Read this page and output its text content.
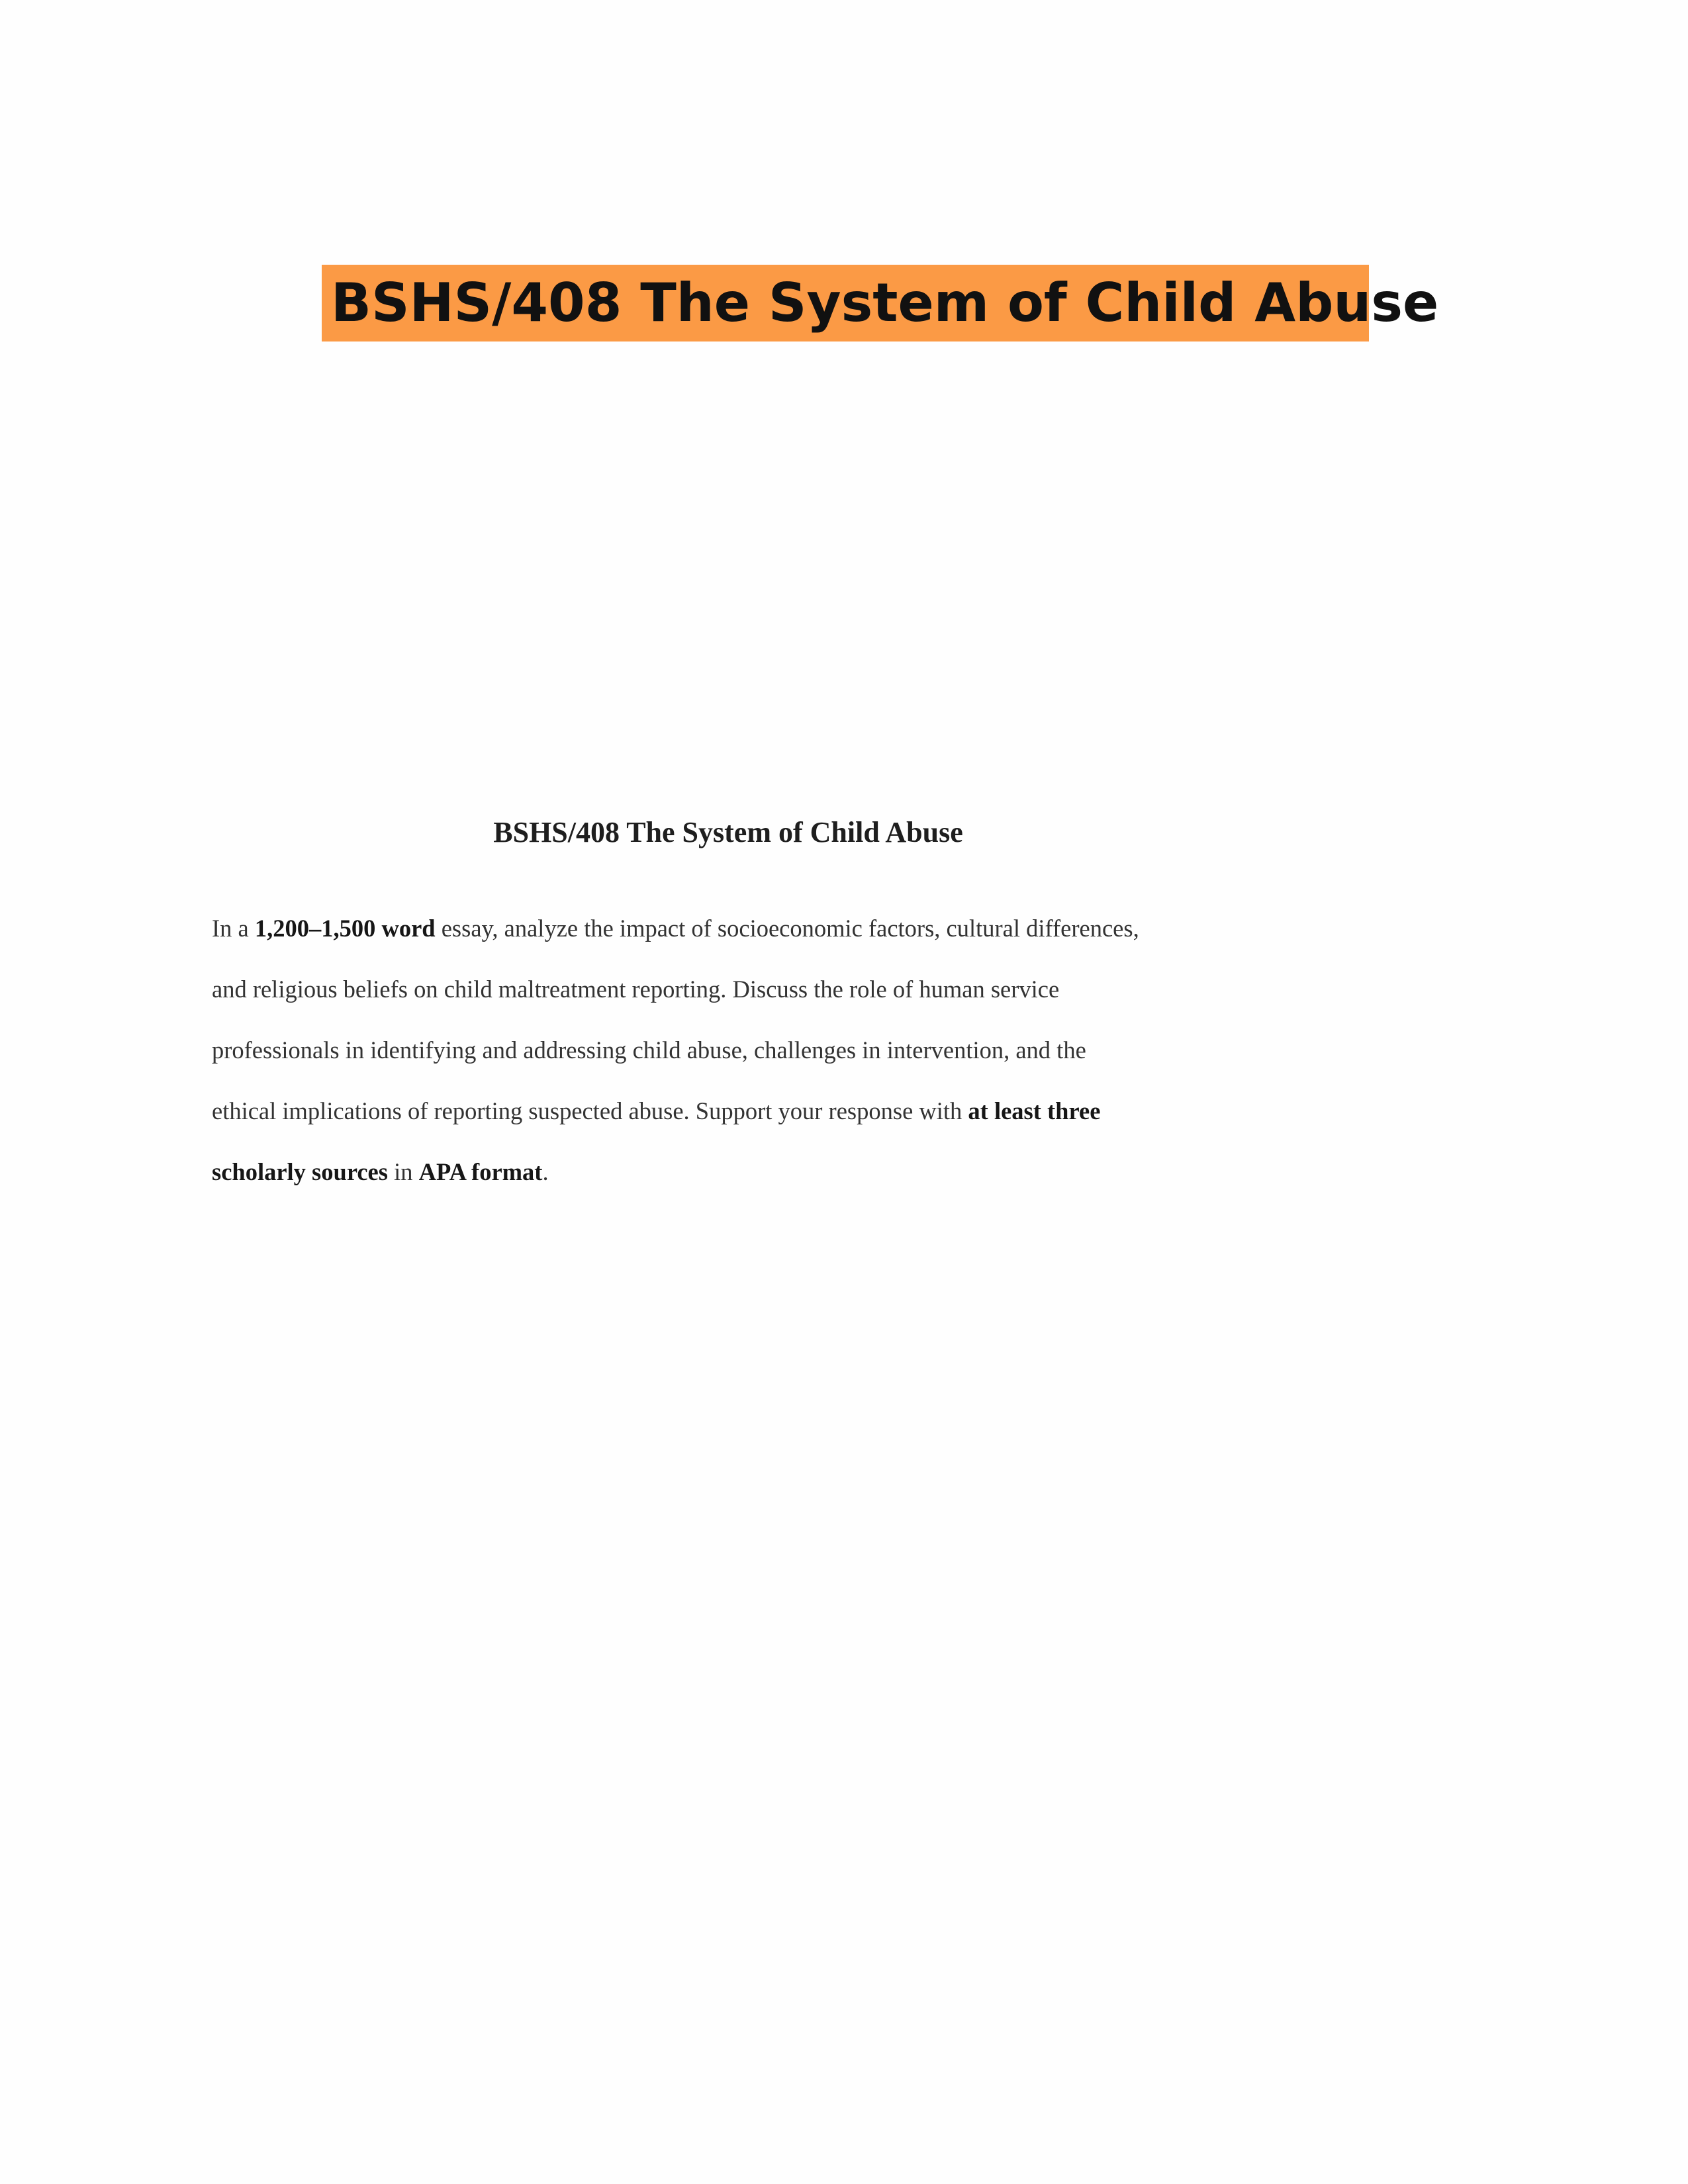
BSHS/408 The System of Child Abuse
BSHS/408 The System of Child Abuse
In a 1,200–1,500 word essay, analyze the impact of socioeconomic factors, cultural differences,
and religious beliefs on child maltreatment reporting. Discuss the role of human service
professionals in identifying and addressing child abuse, challenges in intervention, and the
ethical implications of reporting suspected abuse. Support your response with at least three
scholarly sources in APA format.
